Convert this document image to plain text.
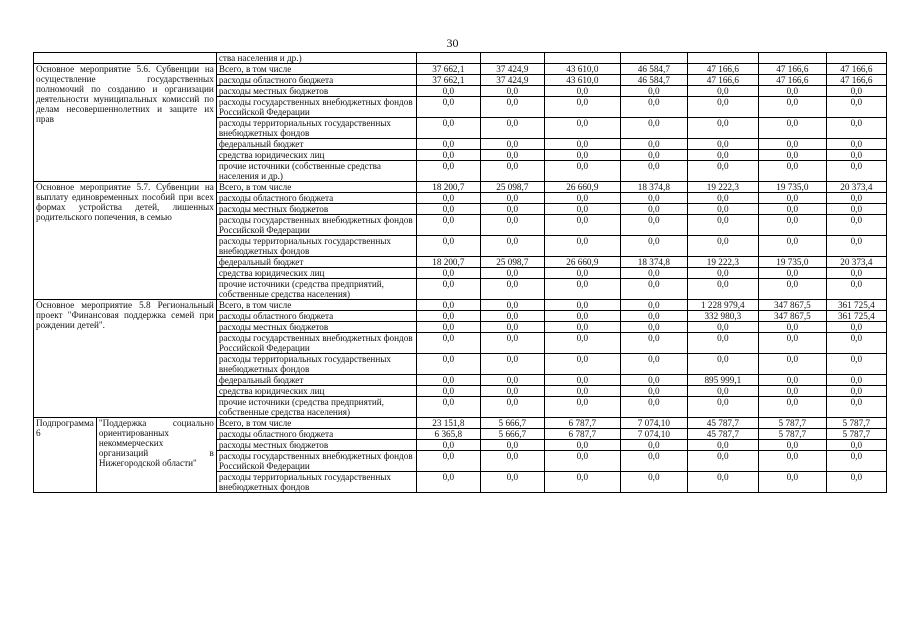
30
		ства населения и др.)							
Основное мероприятие 5.6. Субвенции на осуществление государственных полномочий по созданию и организации деятельности муниципальных комиссий по делам несовершеннолетних и защите их прав		Всего, в том числе	37 662,1	37 424,9	43 610,0	46 584,7	47 166,6	47 166,6	47 166,6
		расходы областного бюджета	37 662,1	37 424,9	43 610,0	46 584,7	47 166,6	47 166,6	47 166,6
		расходы местных бюджетов	0,0	0,0	0,0	0,0	0,0	0,0	0,0
		расходы государственных внебюджетных фондов Российской Федерации	0,0	0,0	0,0	0,0	0,0	0,0	0,0
		расходы территориальных государственных внебюджетных фондов	0,0	0,0	0,0	0,0	0,0	0,0	0,0
		федеральный бюджет	0,0	0,0	0,0	0,0	0,0	0,0	0,0
		средства юридических лиц	0,0	0,0	0,0	0,0	0,0	0,0	0,0
		прочие источники (собственные средства населения и др.)	0,0	0,0	0,0	0,0	0,0	0,0	0,0
Основное мероприятие 5.7. Субвенции на выплату единовременных пособий при всех формах устройства детей, лишенных родительского попечения, в семью		Всего, в том числе	18 200,7	25 098,7	26 660,9	18 374,8	19 222,3	19 735,0	20 373,4
		расходы областного бюджета	0,0	0,0	0,0	0,0	0,0	0,0	0,0
		расходы местных бюджетов	0,0	0,0	0,0	0,0	0,0	0,0	0,0
		расходы государственных внебюджетных фондов Российской Федерации	0,0	0,0	0,0	0,0	0,0	0,0	0,0
		расходы территориальных государственных внебюджетных фондов	0,0	0,0	0,0	0,0	0,0	0,0	0,0
		федеральный бюджет	18 200,7	25 098,7	26 660,9	18 374,8	19 222,3	19 735,0	20 373,4
		средства юридических лиц	0,0	0,0	0,0	0,0	0,0	0,0	0,0
		прочие источники (средства предприятий, собственные средства населения)	0,0	0,0	0,0	0,0	0,0	0,0	0,0
Основное мероприятие 5.8 Региональный проект "Финансовая поддержка семей при рождении детей".		Всего, в том числе	0,0	0,0	0,0	0,0	1 228 979,4	347 867,5	361 725,4
		расходы областного бюджета	0,0	0,0	0,0	0,0	332 980,3	347 867,5	361 725,4
		расходы местных бюджетов	0,0	0,0	0,0	0,0	0,0	0,0	0,0
		расходы государственных внебюджетных фондов Российской Федерации	0,0	0,0	0,0	0,0	0,0	0,0	0,0
		расходы территориальных государственных внебюджетных фондов	0,0	0,0	0,0	0,0	0,0	0,0	0,0
		федеральный бюджет	0,0	0,0	0,0	0,0	895 999,1	0,0	0,0
		средства юридических лиц	0,0	0,0	0,0	0,0	0,0	0,0	0,0
		прочие источники (средства предприятий, собственные средства населения)	0,0	0,0	0,0	0,0	0,0	0,0	0,0
Подпрограмма 6	"Поддержка социально ориентированных некоммерческих организаций в Нижегородской области"	Всего, в том числе	23 151,8	5 666,7	6 787,7	7 074,10	45 787,7	5 787,7	5 787,7
		расходы областного бюджета	6 365,8	5 666,7	6 787,7	7 074,10	45 787,7	5 787,7	5 787,7
		расходы местных бюджетов	0,0	0,0	0,0	0,0	0,0	0,0	0,0
		расходы государственных внебюджетных фондов Российской Федерации	0,0	0,0	0,0	0,0	0,0	0,0	0,0
		расходы территориальных государственных внебюджетных фондов	0,0	0,0	0,0	0,0	0,0	0,0	0,0
